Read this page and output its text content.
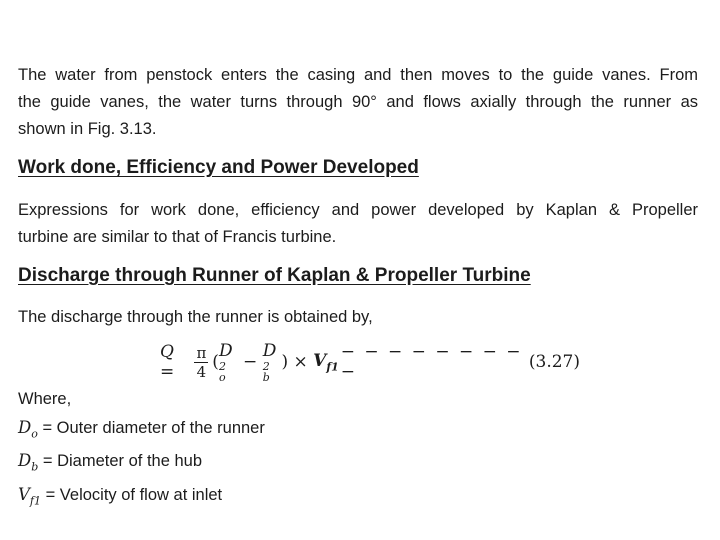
The water from penstock enters the casing and then moves to the guide vanes. From
the guide vanes, the water turns through 90° and flows axially through the runner as
shown in Fig. 3.13.

Work done, Efficiency and Power Developed

Expressions for work done, efficiency and power developed by Kaplan & Propeller
turbine are similar to that of Francis turbine.

Discharge through Runner of Kaplan & Propeller Turbine

The discharge through the runner is obtained by,

Q =	$\frac{\pi}{4}$ (
D
2
o
−
D
2
b
) × $V_{f1}$
− − − − − − − − −	(3.27)
Where,
$D_o$ = Outer diameter of the runner
$D_b$ = Diameter of the hub
$V_{f1}$ = Velocity of flow at inlet
